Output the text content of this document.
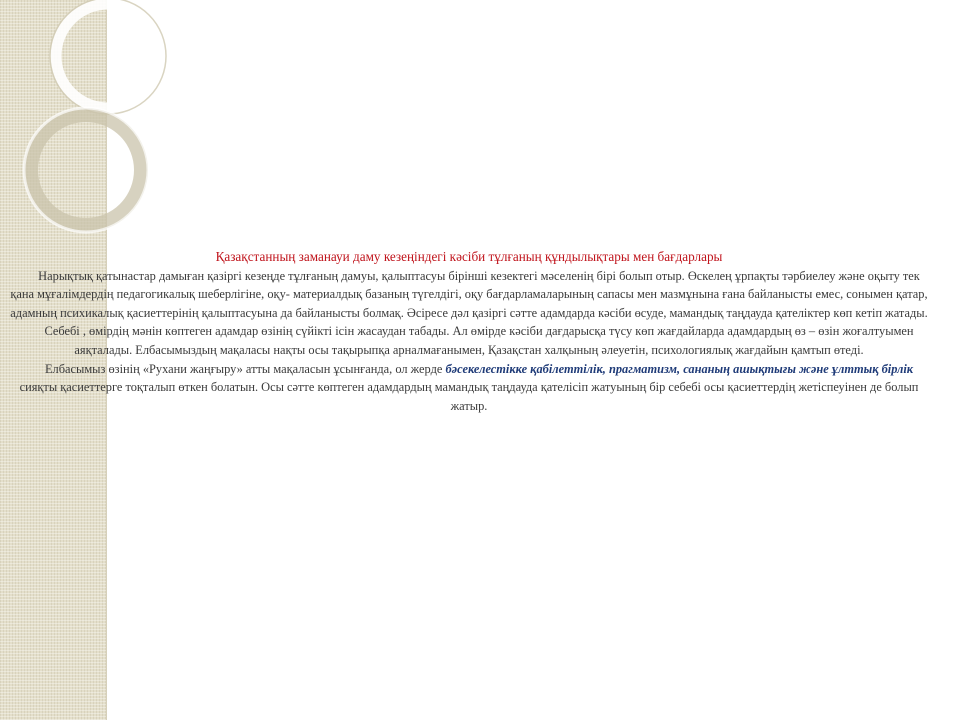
Қазақстанның заманауи даму кезеңіндегі кәсіби тұлғаның құндылықтары мен бағдарлары

Нарықтық қатынастар дамыған қазіргі кезеңде тұлғаның дамуы, қалыптасуы бірінші кезектегі мәселенің бірі болып отыр. Өскелең ұрпақты тәрбиелеу және оқыту тек қана мұғалімдердің педагогикалық шеберлігіне, оқу- материалдық базаның түгелдігі, оқу бағдарламаларының сапасы мен мазмұнына ғана байланысты емес, сонымен қатар, адамның психикалық қасиеттерінің қалыптасуына да байланысты болмақ. Әсіресе дәл қазіргі сәтте адамдарда кәсіби өсуде, мамандық таңдауда қателіктер көп кетіп жатады.

Себебі , өмірдің мәнін көптеген адамдар өзінің сүйікті ісін жасаудан табады. Ал өмірде кәсіби дағдарысқа түсу көп жағдайларда адамдардың өз – өзін жоғалтуымен аяқталады. Елбасымыздың мақаласы нақты осы тақырыпқа арналмағанымен, Қазақстан халқының әлеуетін, психологиялық жағдайын қамтып өтеді.

Елбасымыз өзінің «Рухани жаңғыру» атты мақаласын ұсынғанда, ол жерде бәсекелестікке қабілеттілік, прагматизм, сананың ашықтығы және ұлттық бірлік сияқты қасиеттерге тоқталып өткен болатын. Осы сәтте көптеген адамдардың мамандық таңдауда қателісіп жатуының бір себебі осы қасиеттердің жетіспеуінен де болып жатыр.
